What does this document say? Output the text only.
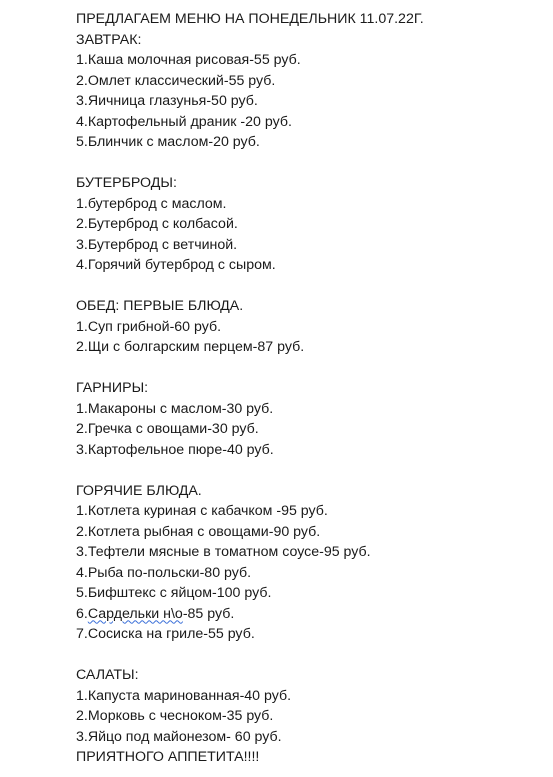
ПРЕДЛАГАЕМ МЕНЮ НА ПОНЕДЕЛЬНИК 11.07.22Г.
ЗАВТРАК:
1.Каша молочная рисовая-55 руб.
2.Омлет классический-55 руб.
3.Яичница глазунья-50 руб.
4.Картофельный драник -20 руб.
5.Блинчик с маслом-20 руб.
БУТЕРБРОДЫ:
1.бутерброд с маслом.
2.Бутерброд с колбасой.
3.Бутерброд с ветчиной.
4.Горячий бутерброд с сыром.
ОБЕД: ПЕРВЫЕ БЛЮДА.
1.Суп грибной-60 руб.
2.Щи с болгарским перцем-87 руб.
ГАРНИРЫ:
1.Макароны с маслом-30 руб.
2.Гречка с овощами-30 руб.
3.Картофельное пюре-40 руб.
ГОРЯЧИЕ БЛЮДА.
1.Котлета куриная с кабачком -95 руб.
2.Котлета рыбная с овощами-90 руб.
3.Тефтели мясные в томатном соусе-95 руб.
4.Рыба по-польски-80 руб.
5.Бифштекс с яйцом-100 руб.
6.Сардельки н\о-85 руб.
7.Сосиска на гриле-55 руб.
САЛАТЫ:
1.Капуста маринованная-40 руб.
2.Морковь с чесноком-35 руб.
3.Яйцо под майонезом- 60 руб.
ПРИЯТНОГО АППЕТИТА!!!!
